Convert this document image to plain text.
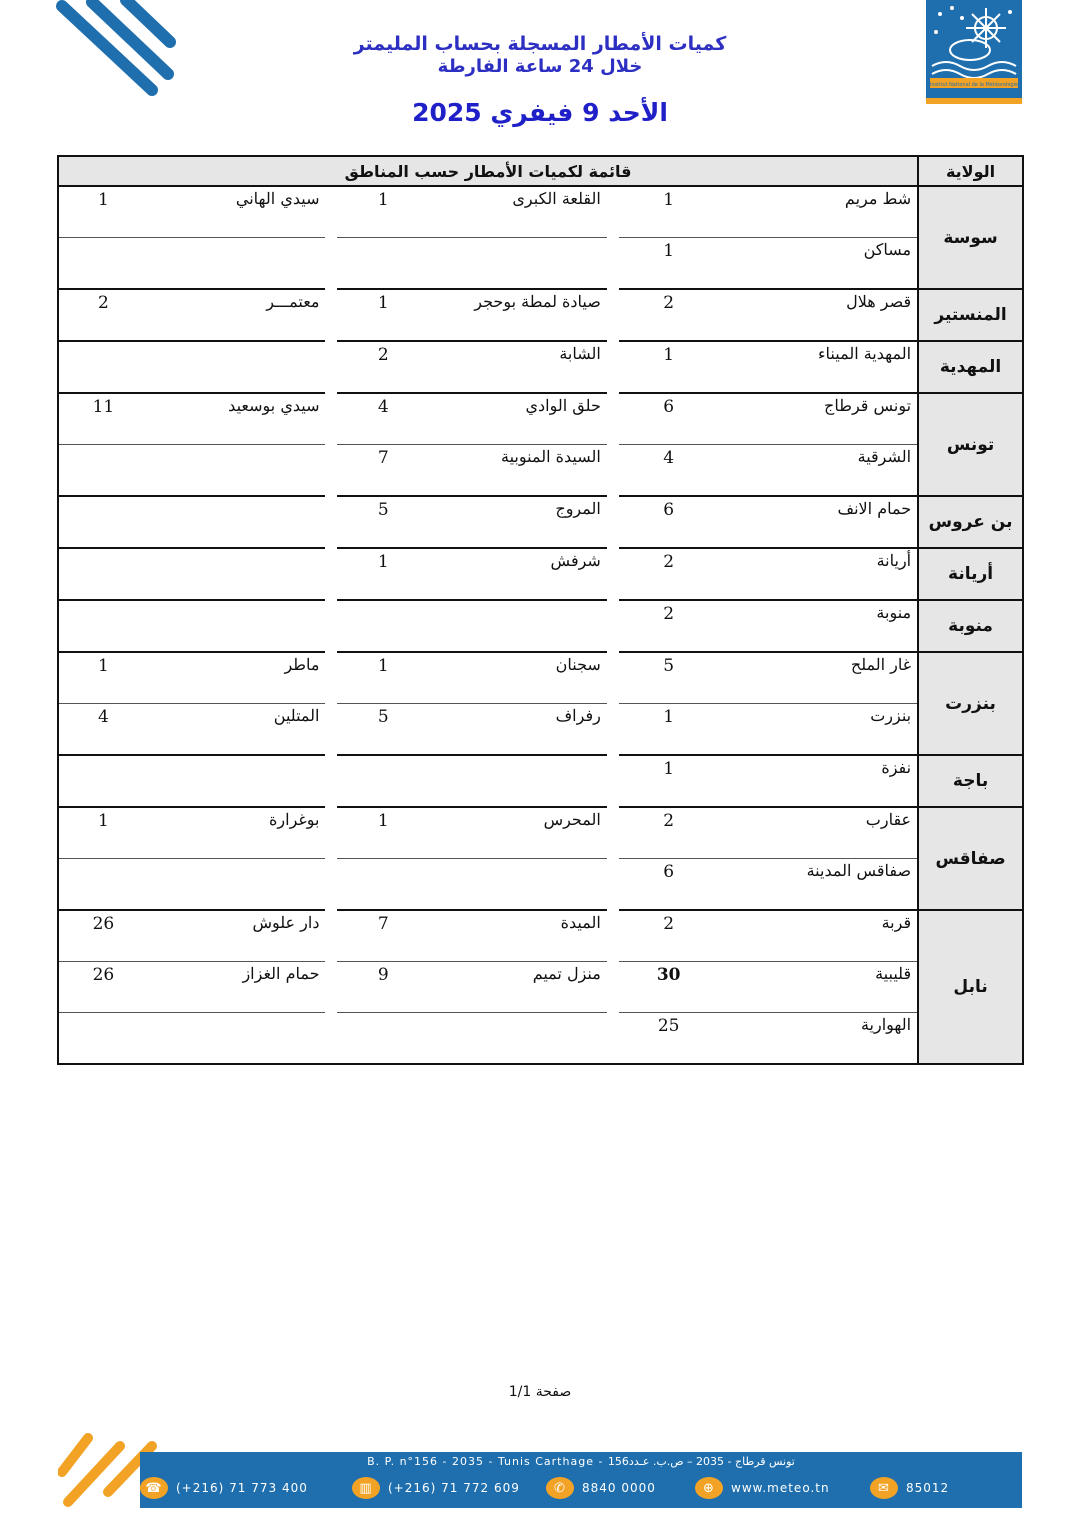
Institut National de la Météorologie
كميات الأمطار المسجلة بحساب المليمتر
خلال 24 ساعة الفارطة
الأحد 9 فيفري 2025
الولاية	قائمة لكميات الأمطار حسب المناطق							
سوسة	شط مريم	1		القلعة الكبرى	1		سيدي الهاني	1
	مساكن	1						
المنستير	قصر هلال	2		صيادة لمطة بوحجر	1		معتمـــر	2
المهدية	المهدية الميناء	1		الشابة	2			
تونس	تونس قرطاج	6		حلق الوادي	4		سيدي بوسعيد	11
	الشرقية	4		السيدة المنوبية	7			
بن عروس	حمام الانف	6		المروج	5			
أريانة	أريانة	2		شرفش	1			
منوبة	منوبة	2						
بنزرت	غار الملح	5		سجنان	1		ماطر	1
	بنزرت	1		رفراف	5		المتلين	4
باجة	نفزة	1						
صفاقس	عقارب	2		المحرس	1		بوغرارة	1
	صفاقس المدينة	6						
نابل	قربة	2		الميدة	7		دار علوش	26
	قليبية	30		منزل تميم	9		حمام الغزاز	26
	الهوارية	25						
صفحة 1/1
B. P. n°156 - 2035 - Tunis Carthage - تونس قرطاج - 2035 – ص.ب. عـدد156
☎	(+216) 71 773 400	▥	(+216) 71 772 609	✆	8840 0000	⊕	www.meteo.tn	✉	85012
